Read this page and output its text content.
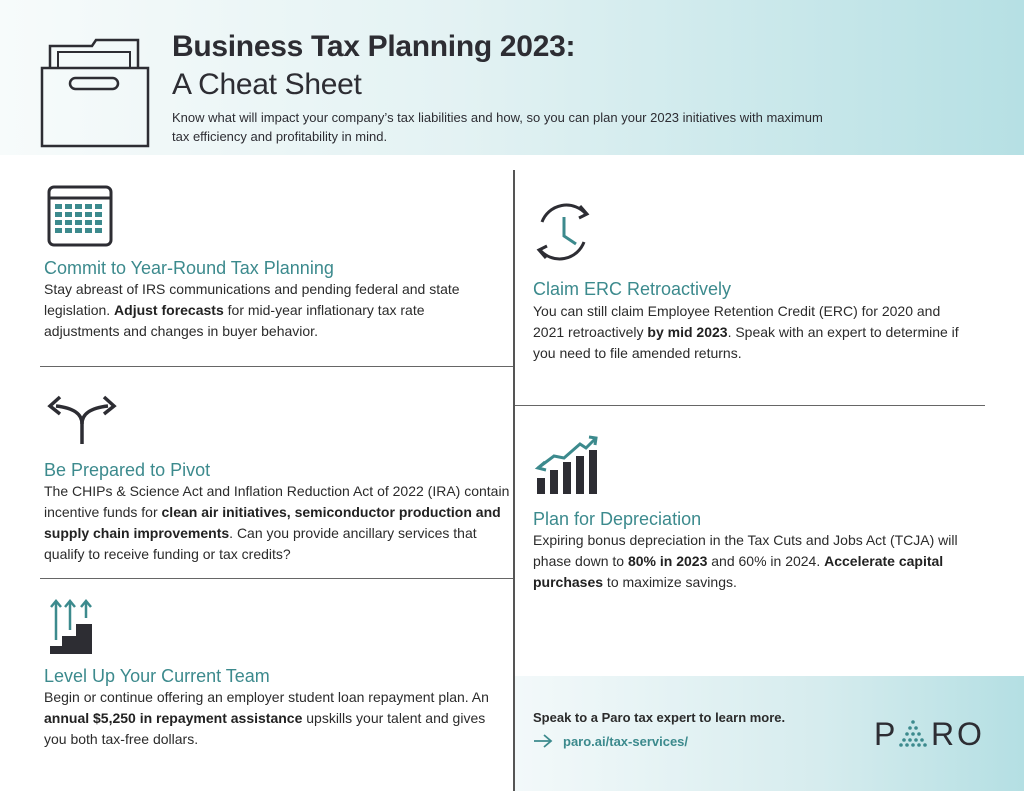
Business Tax Planning 2023:
A Cheat Sheet
Know what will impact your company’s tax liabilities and how, so you can plan your 2023 initiatives with maximum tax efficiency and profitability in mind.
Commit to Year-Round Tax Planning
Stay abreast of IRS communications and pending federal and state legislation. Adjust forecasts for mid-year inflationary tax rate adjustments and changes in buyer behavior.
Claim ERC Retroactively
You can still claim Employee Retention Credit (ERC) for 2020 and 2021 retroactively by mid 2023. Speak with an expert to determine if you need to file amended returns.
Be Prepared to Pivot
The CHIPs & Science Act and Inflation Reduction Act of 2022 (IRA) contain incentive funds for clean air initiatives, semiconductor production and supply chain improvements. Can you provide ancillary services that qualify to receive funding or tax credits?
Plan for Depreciation
Expiring bonus depreciation in the Tax Cuts and Jobs Act (TCJA) will phase down to 80% in 2023 and 60% in 2024. Accelerate capital purchases to maximize savings.
Level Up Your Current Team
Begin or continue offering an employer student loan repayment plan. An annual $5,250 in repayment assistance upskills your talent and gives you both tax-free dollars.
Speak to a Paro tax expert to learn more.
paro.ai/tax-services/	P R O
